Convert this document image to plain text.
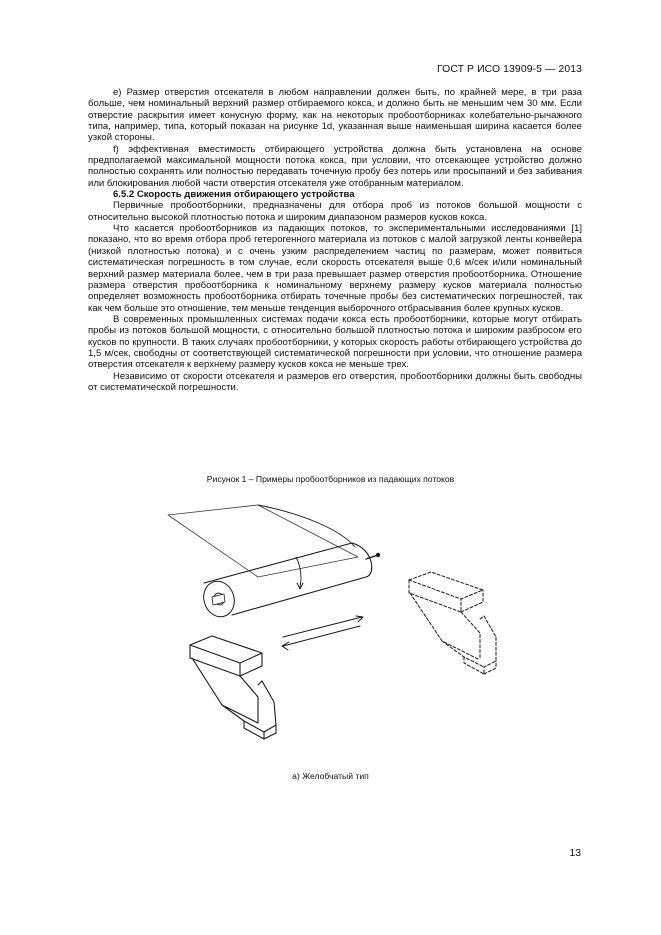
ГОСТ Р ИСО 13909-5 — 2013

e) Размер отверстия отсекателя в любом направлении должен быть, по крайней мере, в три раза больше, чем номинальный верхний размер отбираемого кокса, и должно быть не меньшим чем 30 мм. Если отверстие раскрытия имеет конусную форму, как на некоторых пробоотборниках колебательно-рычажного типа, например, типа, который показан на рисунке 1d, указанная выше наименьшая ширина касается более узкой стороны.

f) эффективная вместимость отбирающего устройства должна быть установлена на основе предполагаемой максимальной мощности потока кокса, при условии, что отсекающее устройство должно полностью сохранять или полностью передавать точечную пробу без потерь или просыпаний и без забивания или блокирования любой части отверстия отсекателя уже отобранным материалом.

6.5.2 Скорость движения отбирающего устройства

Первичные пробоотборники, предназначены для отбора проб из потоков большой мощности с относительно высокой плотностью потока и широким диапазоном размеров кусков кокса.

Что касается пробоотборников из падающих потоков, то экспериментальными исследованиями [1] показано, что во время отбора проб гетерогенного материала из потоков с малой загрузкой ленты конвейера (низкой плотностью потока) и с очень узким распределением частиц по размерам, может появиться систематическая погрешность в том случае, если скорость отсекателя выше 0,6 м/сек и/или номинальный верхний размер материала более, чем в три раза превышает размер отверстия пробоотборника. Отношение размера отверстия пробоотборника к номинальному верхнему размеру кусков материала полностью определяет возможность пробоотборника отбирать точечные пробы без систематических погрешностей, так как чем больше это отношение, тем меньше тенденция выборочного отбрасывания более крупных кусков.

В современных промышленных системах подачи кокса есть пробоотборники, которые могут отбирать пробы из потоков большой мощности, с относительно большой плотностью потока и широким разбросом его кусков по крупности. В таких случаях пробоотборники, у которых скорость работы отбирающего устройства до 1,5 м/сек, свободны от соответствующей систематической погрешности при условии, что отношение размера отверстия отсекателя к верхнему размеру кусков кокса не меньше трех.

Независимо от скорости отсекателя и размеров его отверстия, пробоотборники должны быть свободны от систематической погрешности.

Рисунок 1 – Примеры пробоотборников из падающих потоков
а) Желобчатый тип
13
